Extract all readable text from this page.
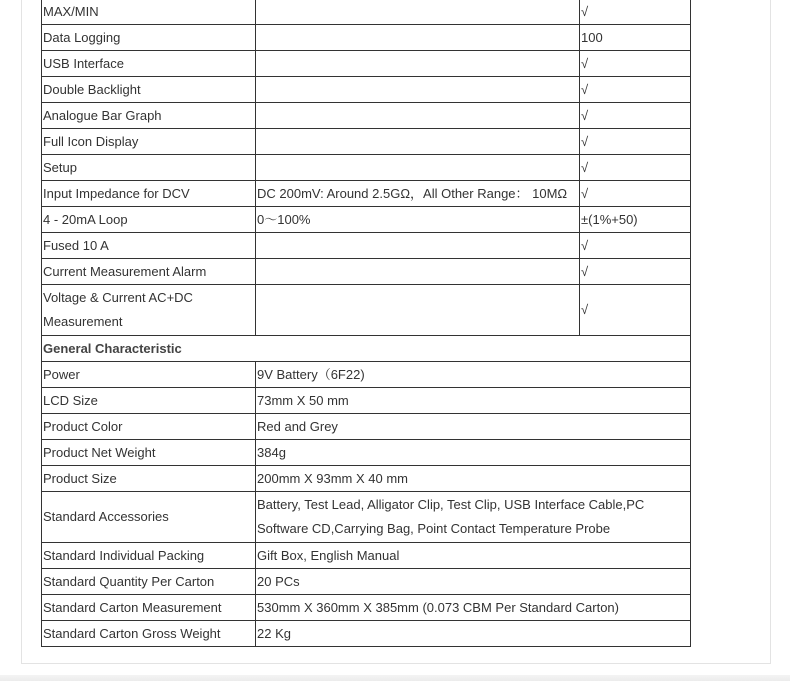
MAX/MIN		√
Data Logging		100
USB Interface		√
Double Backlight		√
Analogue Bar Graph		√
Full Icon Display		√
Setup		√
Input Impedance for DCV	DC 200mV: Around 2.5GΩ，All Other Range： 10MΩ	√
4 - 20mA Loop	0～100%	±(1%+50)
Fused 10 A		√
Current Measurement Alarm		√
Voltage & Current AC+DC Measurement		√
General Characteristic		
Power	9V Battery（6F22)	
LCD Size	73mm X 50 mm	
Product Color	Red and Grey	
Product Net Weight	384g	
Product Size	200mm X 93mm X 40 mm	
Standard Accessories	Battery, Test Lead, Alligator Clip, Test Clip, USB Interface Cable,PC Software CD,Carrying Bag, Point Contact Temperature Probe	
Standard Individual Packing	Gift Box, English Manual	
Standard Quantity Per Carton	20 PCs	
Standard Carton Measurement	530mm X 360mm X 385mm (0.073 CBM Per Standard Carton)	
Standard Carton Gross Weight	22 Kg	
